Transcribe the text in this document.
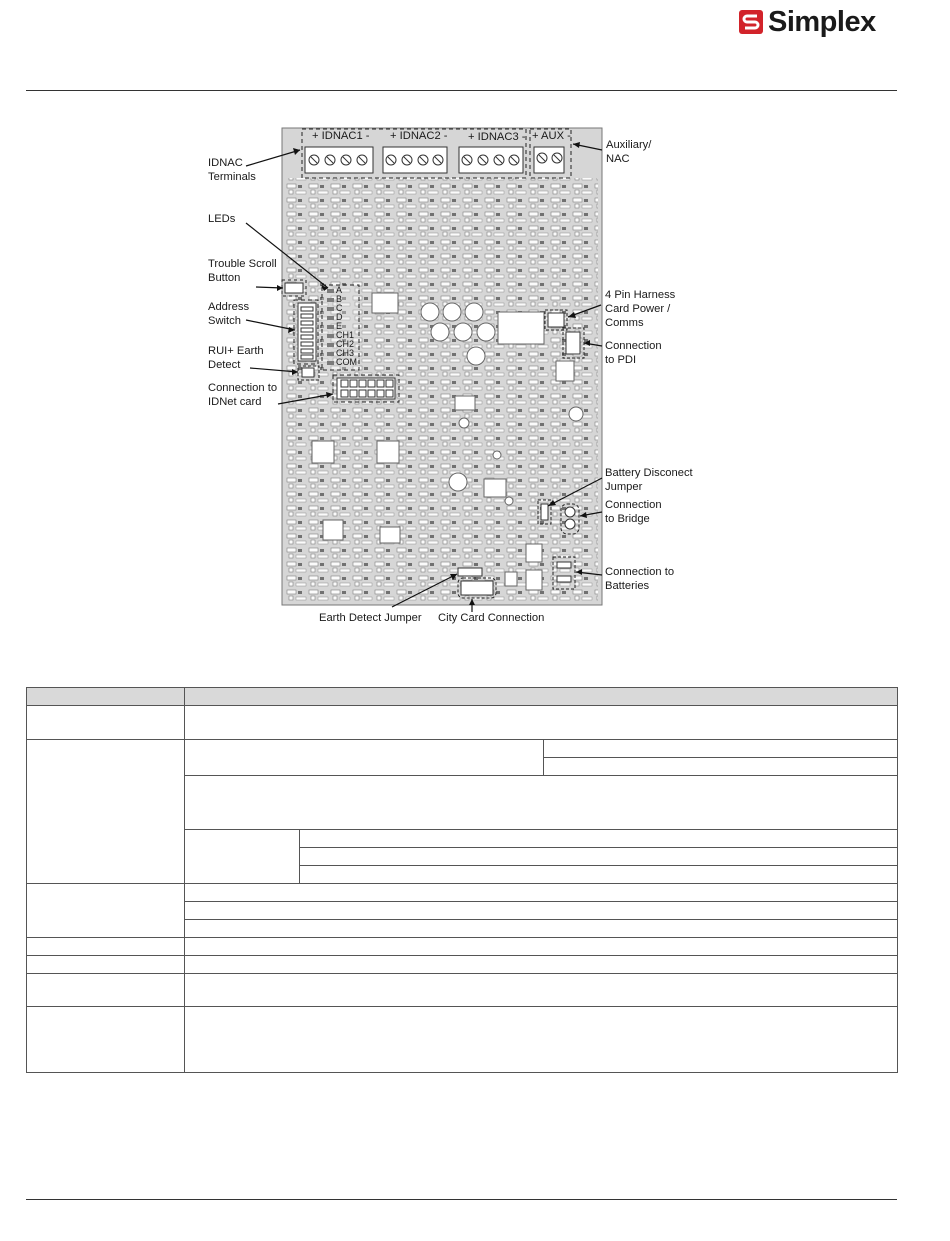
Simplex
+ IDNAC1 - + IDNAC2 - + IDNAC3 - + AUX -
A
B
C
D
E
CH1
CH2
CH3
COM
IDNAC
Terminals
LEDs
Trouble Scroll
Button
Address
Switch
RUI+ Earth
Detect
Connection to
IDNet card
Auxiliary/
NAC
4 Pin Harness
Card Power /
Comms
Connection
to PDI
Battery Disconect
Jumper
Connection
to Bridge
Connection to
Batteries
Earth Detect Jumper City Card Connection
